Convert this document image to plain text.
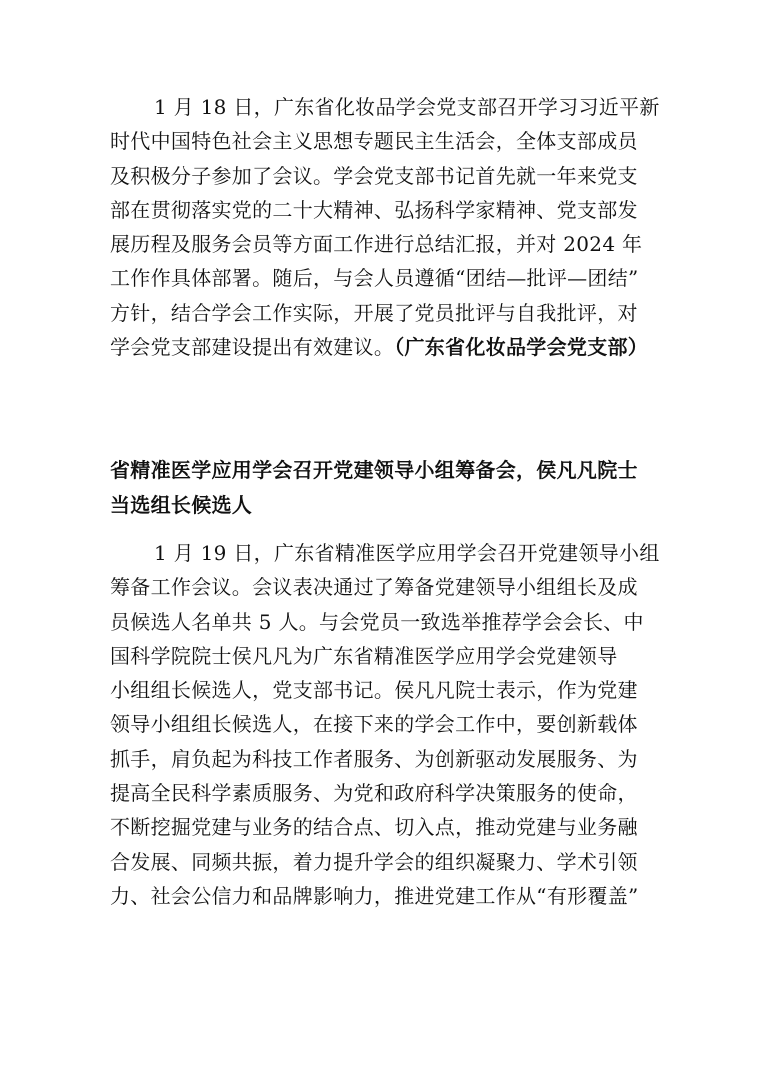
1 月 18 日，广东省化妆品学会党支部召开学习习近平新
时代中国特色社会主义思想专题民主生活会，全体支部成员
及积极分子参加了会议。学会党支部书记首先就一年来党支
部在贯彻落实党的二十大精神、弘扬科学家精神、党支部发
展历程及服务会员等方面工作进行总结汇报，并对 2024 年
工作作具体部署。随后，与会人员遵循“团结—批评—团结”
方针，结合学会工作实际，开展了党员批评与自我批评，对
学会党支部建设提出有效建议。（广东省化妆品学会党支部）
省精准医学应用学会召开党建领导小组筹备会，侯凡凡院士
当选组长候选人
1 月 19 日，广东省精准医学应用学会召开党建领导小组
筹备工作会议。会议表决通过了筹备党建领导小组组长及成
员候选人名单共 5 人。与会党员一致选举推荐学会会长、中
国科学院院士侯凡凡为广东省精准医学应用学会党建领导
小组组长候选人，党支部书记。侯凡凡院士表示，作为党建
领导小组组长候选人，在接下来的学会工作中，要创新载体
抓手，肩负起为科技工作者服务、为创新驱动发展服务、为
提高全民科学素质服务、为党和政府科学决策服务的使命，
不断挖掘党建与业务的结合点、切入点，推动党建与业务融
合发展、同频共振，着力提升学会的组织凝聚力、学术引领
力、社会公信力和品牌影响力，推进党建工作从“有形覆盖”
